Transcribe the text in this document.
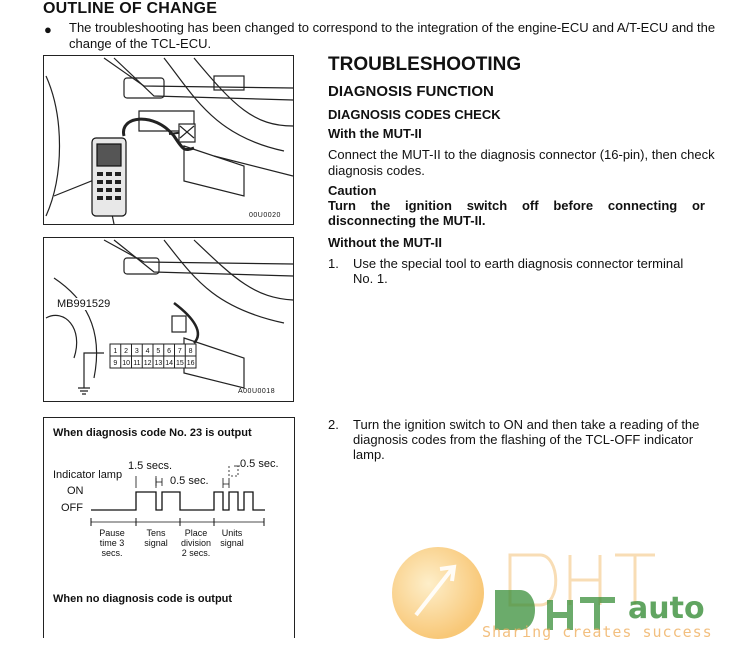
OUTLINE OF CHANGE
● The troubleshooting has been changed to correspond to the integration of the engine-ECU and A/T-ECU and the change of the TCL-ECU.
00U0020
1 2 3 4 5 6 7 8
9 10 11 12 13 14 15 16
MB991529
A00U0018
When diagnosis code No. 23 is output
Indicator lamp
ON
OFF
1.5 secs.
0.5 sec.
0.5 sec.
Pause
time 3
secs.
Tens
signal
Place
division
2 secs.
Units
signal
When no diagnosis code is output
TROUBLESHOOTING
DIAGNOSIS FUNCTION
DIAGNOSIS CODES CHECK
With the MUT-II
Connect the MUT-II to the diagnosis connector (16-pin), then check diagnosis codes.
Caution
Turn the ignition switch off before connecting or disconnecting the MUT-II.
Without the MUT-II
1. Use the special tool to earth diagnosis connector terminal No. 1.
2. Turn the ignition switch to ON and then take a reading of the diagnosis codes from the flashing of the TCL-OFF indicator lamp.
auto
Sharing creates success
